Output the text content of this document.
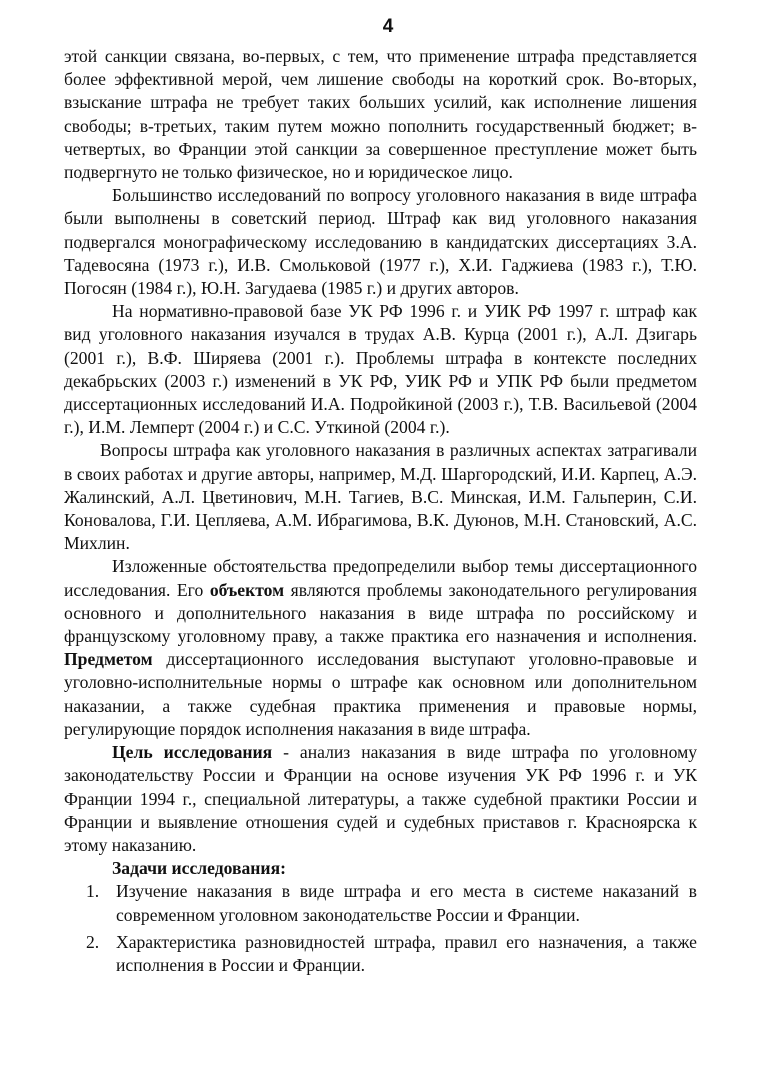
4

этой санкции связана, во-первых, с тем, что применение штрафа представляется более эффективной мерой, чем лишение свободы на короткий срок. Во-вторых, взыскание штрафа не требует таких больших усилий, как исполнение лишения свободы; в-третьих, таким путем можно пополнить государственный бюджет; в-четвертых, во Франции этой санкции за совершенное преступление может быть подвергнуто не только физическое, но и юридическое лицо.

Большинство исследований по вопросу уголовного наказания в виде штрафа были выполнены в советский период. Штраф как вид уголовного наказания подвергался монографическому исследованию в кандидатских диссертациях З.А. Тадевосяна (1973 г.), И.В. Смольковой (1977 г.), Х.И. Гаджиева (1983 г.), Т.Ю. Погосян (1984 г.), Ю.Н. Загудаева (1985 г.) и других авторов.

На нормативно-правовой базе УК РФ 1996 г. и УИК РФ 1997 г. штраф как вид уголовного наказания изучался в трудах А.В. Курца (2001 г.), А.Л. Дзигарь (2001 г.), В.Ф. Ширяева (2001 г.). Проблемы штрафа в контексте последних декабрьских (2003 г.) изменений в УК РФ, УИК РФ и УПК РФ были предметом диссертационных исследований И.А. Подройкиной (2003 г.), Т.В. Васильевой (2004 г.), И.М. Лемперт (2004 г.) и С.С. Уткиной (2004 г.).

Вопросы штрафа как уголовного наказания в различных аспектах затрагивали в своих работах и другие авторы, например, М.Д. Шаргородский, И.И. Карпец, А.Э. Жалинский, А.Л. Цветинович, М.Н. Тагиев, В.С. Минская, И.М. Гальперин, С.И. Коновалова, Г.И. Цепляева, А.М. Ибрагимова, В.К. Дуюнов, М.Н. Становский, А.С. Михлин.

Изложенные обстоятельства предопределили выбор темы диссертационного исследования. Его объектом являются проблемы законодательного регулирования основного и дополнительного наказания в виде штрафа по российскому и французскому уголовному праву, а также практика его назначения и исполнения. Предметом диссертационного исследования выступают уголовно-правовые и уголовно-исполнительные нормы о штрафе как основном или дополнительном наказании, а также судебная практика применения и правовые нормы, регулирующие порядок исполнения наказания в виде штрафа.

Цель исследования - анализ наказания в виде штрафа по уголовному законодательству России и Франции на основе изучения УК РФ 1996 г. и УК Франции 1994 г., специальной литературы, а также судебной практики России и Франции и выявление отношения судей и судебных приставов г. Красноярска к этому наказанию.

Задачи исследования:

1. Изучение наказания в виде штрафа и его места в системе наказаний в современном уголовном законодательстве России и Франции.
2. Характеристика разновидностей штрафа, правил его назначения, а также исполнения в России и Франции.
